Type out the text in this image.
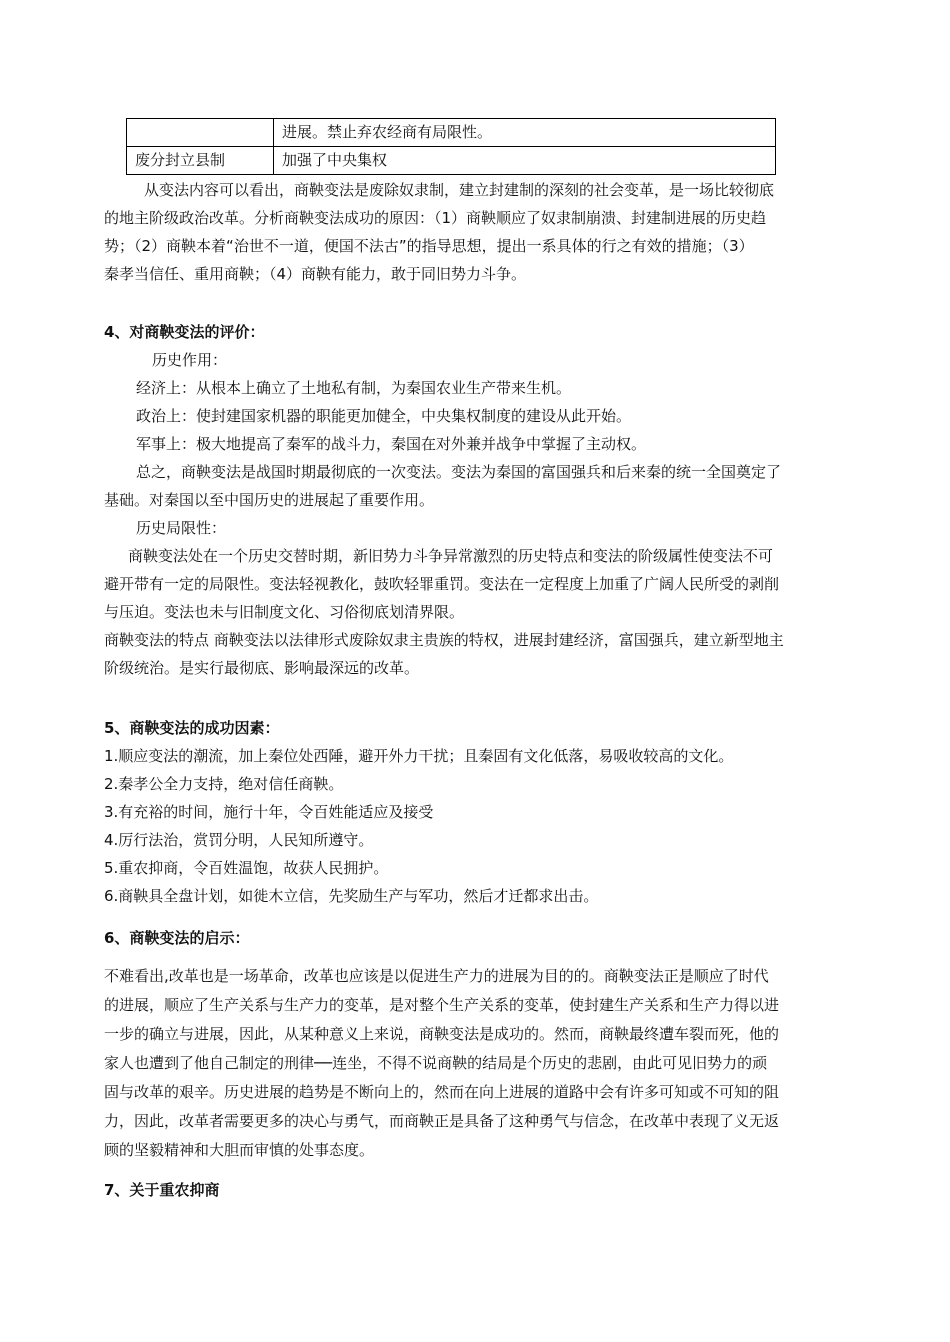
	进展。禁止弃农经商有局限性。
废分封立县制	加强了中央集权
从变法内容可以看出，商鞅变法是废除奴隶制，建立封建制的深刻的社会变革，是一场比较彻底
的地主阶级政治改革。分析商鞅变法成功的原因：（1）商鞅顺应了奴隶制崩溃、封建制进展的历史趋
势；（2）商鞅本着“治世不一道，便国不法古”的指导思想，提出一系具体的行之有效的措施；（3）
秦孝当信任、重用商鞅；（4）商鞅有能力，敢于同旧势力斗争。
4、对商鞅变法的评价：
历史作用：
经济上：从根本上确立了土地私有制，为秦国农业生产带来生机。
政治上：使封建国家机器的职能更加健全，中央集权制度的建设从此开始。
军事上：极大地提高了秦军的战斗力，秦国在对外兼并战争中掌握了主动权。
总之，商鞅变法是战国时期最彻底的一次变法。变法为秦国的富国强兵和后来秦的统一全国奠定了
基础。对秦国以至中国历史的进展起了重要作用。
历史局限性：
商鞅变法处在一个历史交替时期，新旧势力斗争异常激烈的历史特点和变法的阶级属性使变法不可
避开带有一定的局限性。变法轻视教化，鼓吹轻罪重罚。变法在一定程度上加重了广阔人民所受的剥削
与压迫。变法也未与旧制度文化、习俗彻底划清界限。
商鞅变法的特点 商鞅变法以法律形式废除奴隶主贵族的特权，进展封建经济，富国强兵，建立新型地主
阶级统治。是实行最彻底、影响最深远的改革。
5、商鞅变法的成功因素：
1.顺应变法的潮流，加上秦位处西陲，避开外力干扰；且秦固有文化低落，易吸收较高的文化。
2.秦孝公全力支持，绝对信任商鞅。
3.有充裕的时间，施行十年，令百姓能适应及接受
4.厉行法治，赏罚分明，人民知所遵守。
5.重农抑商，令百姓温饱，故获人民拥护。
6.商鞅具全盘计划，如徙木立信，先奖励生产与军功，然后才迁都求出击。
6、商鞅变法的启示：
不难看出,改革也是一场革命，改革也应该是以促进生产力的进展为目的的。商鞅变法正是顺应了时代
的进展，顺应了生产关系与生产力的变革，是对整个生产关系的变革，使封建生产关系和生产力得以进
一步的确立与进展，因此，从某种意义上来说，商鞅变法是成功的。然而，商鞅最终遭车裂而死，他的
家人也遭到了他自己制定的刑律──连坐，不得不说商鞅的结局是个历史的悲剧，由此可见旧势力的顽
固与改革的艰辛。历史进展的趋势是不断向上的，然而在向上进展的道路中会有许多可知或不可知的阻
力，因此，改革者需要更多的决心与勇气，而商鞅正是具备了这种勇气与信念，在改革中表现了义无返
顾的坚毅精神和大胆而审慎的处事态度。
7、关于重农抑商
